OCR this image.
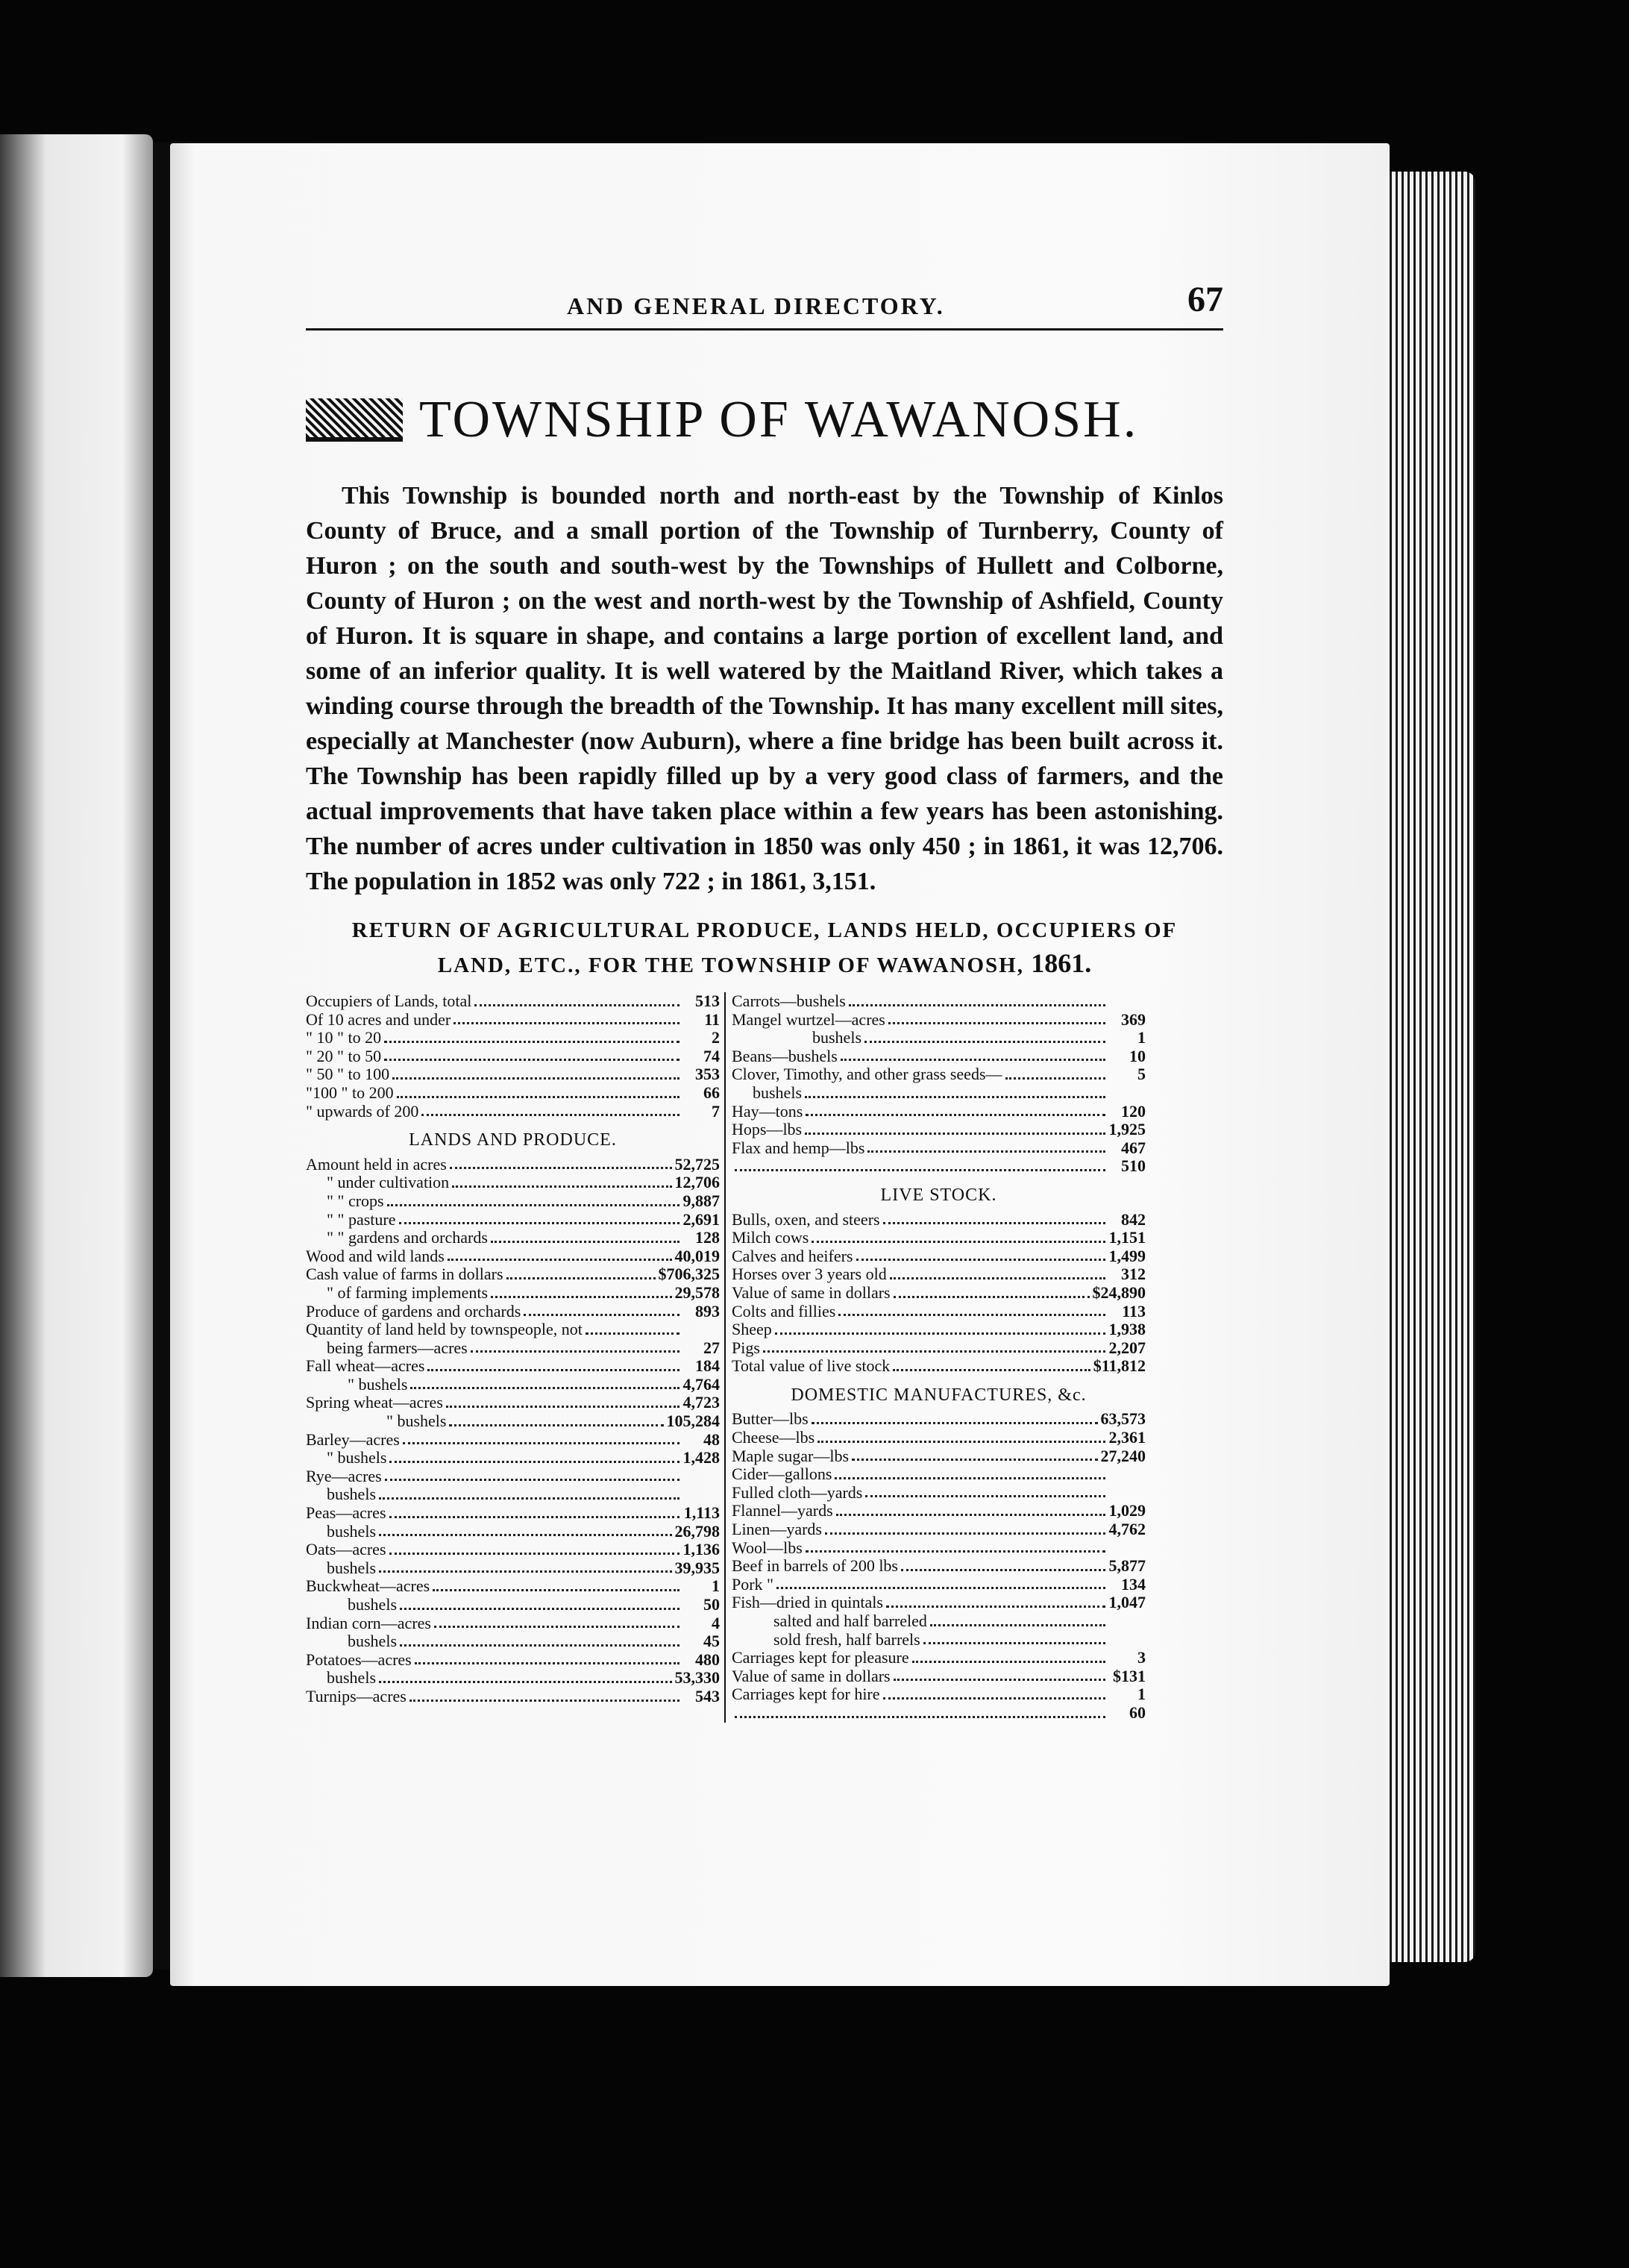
AND GENERAL DIRECTORY.	67
TOWNSHIP OF WAWANOSH.

This Township is bounded north and north-east by the Township of Kinlos County of Bruce, and a small portion of the Township of Turnberry, County of Huron ; on the south and south-west by the Townships of Hullett and Colborne, County of Huron ; on the west and north-west by the Township of Ashfield, County of Huron. It is square in shape, and contains a large portion of excellent land, and some of an inferior quality. It is well watered by the Maitland River, which takes a winding course through the breadth of the Township. It has many excellent mill sites, especially at Manchester (now Auburn), where a fine bridge has been built across it. The Township has been rapidly filled up by a very good class of farmers, and the actual improvements that have taken place within a few years has been astonishing. The number of acres under cultivation in 1850 was only 450 ; in 1861, it was 12,706. The population in 1852 was only 722 ; in 1861, 3,151.

RETURN OF AGRICULTURAL PRODUCE, LANDS HELD, OCCUPIERS OF
LAND, ETC., FOR THE TOWNSHIP OF WAWANOSH, 1861.
Occupiers of Lands, total	513
Of 10 acres and under	11
" 10 " to 20	2
" 20 " to 50	74
" 50 " to 100	353
"100 " to 200	66
" upwards of 200	7
LANDS AND PRODUCE.
Amount held in acres	52,725
" under cultivation	12,706
" " crops	9,887
" " pasture	2,691
" " gardens and orchards	128
Wood and wild lands	40,019
Cash value of farms in dollars	$706,325
" of farming implements	29,578
Produce of gardens and orchards	893
Quantity of land held by townspeople, not
being farmers—acres	27
Fall wheat—acres	184
" bushels	4,764
Spring wheat—acres	4,723
" bushels	105,284
Barley—acres	48
" bushels	1,428
Rye—acres
bushels
Peas—acres	1,113
bushels	26,798
Oats—acres	1,136
bushels	39,935
Buckwheat—acres	1
bushels	50
Indian corn—acres	4
bushels	45
Potatoes—acres	480
bushels	53,330
Turnips—acres	543
Carrots—bushels
Mangel wurtzel—acres	369
bushels	1
Beans—bushels	10
Clover, Timothy, and other grass seeds—	5
bushels
Hay—tons	120
Hops—lbs	1,925
Flax and hemp—lbs	467
510
LIVE STOCK.
Bulls, oxen, and steers	842
Milch cows	1,151
Calves and heifers	1,499
Horses over 3 years old	312
Value of same in dollars	$24,890
Colts and fillies	113
Sheep	1,938
Pigs	2,207
Total value of live stock	$11,812
DOMESTIC MANUFACTURES, &c.
Butter—lbs	63,573
Cheese—lbs	2,361
Maple sugar—lbs	27,240
Cider—gallons
Fulled cloth—yards
Flannel—yards	1,029
Linen—yards	4,762
Wool—lbs
Beef in barrels of 200 lbs	5,877
Pork "	134
Fish—dried in quintals	1,047
salted and half barreled
sold fresh, half barrels
Carriages kept for pleasure	3
Value of same in dollars	$131
Carriages kept for hire	1
60
